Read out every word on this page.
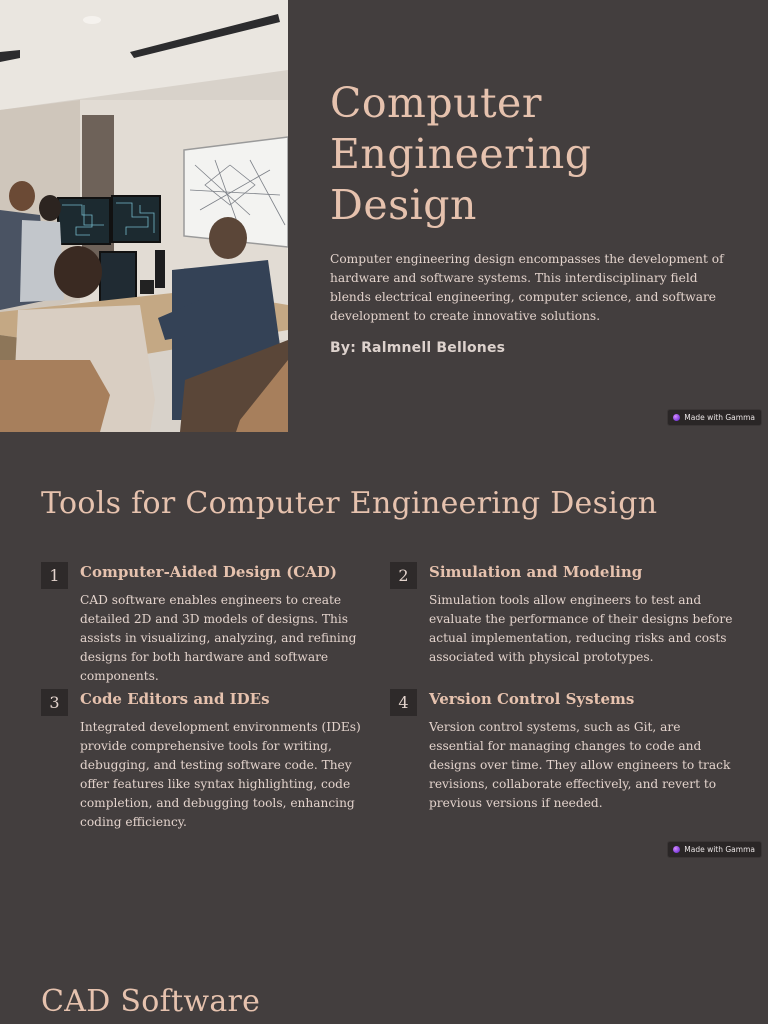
Computer
Engineering
Design

Computer engineering design encompasses the development of hardware and software systems. This interdisciplinary field blends electrical engineering, computer science, and software development to create innovative solutions.

By: Ralmnell Bellones

Made with Gamma
Tools for Computer Engineering Design
1	Computer-Aided Design (CAD)

CAD software enables engineers to create detailed 2D and 3D models of designs. This assists in visualizing, analyzing, and refining designs for both hardware and software components.

2	Simulation and Modeling

Simulation tools allow engineers to test and evaluate the performance of their designs before actual implementation, reducing risks and costs associated with physical prototypes.

3	Code Editors and IDEs

Integrated development environments (IDEs) provide comprehensive tools for writing, debugging, and testing software code. They offer features like syntax highlighting, code completion, and debugging tools, enhancing coding efficiency.

4	Version Control Systems

Version control systems, such as Git, are essential for managing changes to code and designs over time. They allow engineers to track revisions, collaborate effectively, and revert to previous versions if needed.

Made with Gamma
CAD Software
